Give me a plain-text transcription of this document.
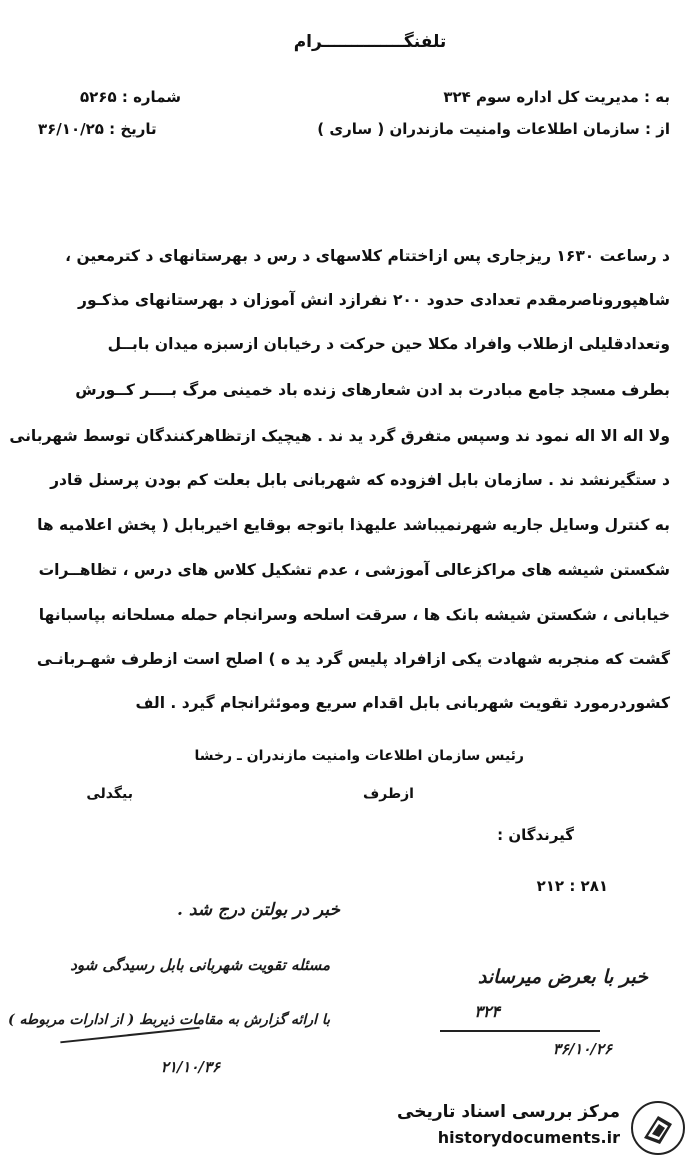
تلفنگــــــــــــــرام
به : مدیریت کل اداره سوم ۳۲۴
از : سازمان اطلاعات وامنیت مازندران ( ساری )
شماره : ۵۲۶۵
تاریخ : ۳۶/۱۰/۲۵
د رساعت ۱۶۳۰ ریزجاری پس ازاختتام کلاسهای د رس د بهرستانهای د کترمعین ،
شاهپوروناصرمقدم تعدادی حدود ۲۰۰ نفرازد انش آموزان د بهرستانهای مذکـور
وتعدادقلیلی ازطلاب وافراد مکلا حین حرکت د رخیابان ازسبزه میدان بابــل
بطرف مسجد جامع مبادرت بد ادن شعارهای زنده باد خمینی مرگ بــــر کــورش
ولا اله الا اله نمود ند وسپس متفرق گرد ید ند . هیچیک ازتظاهرکنندگان توسط شهربانی
د ستگیرنشد ند . سازمان بابل افزوده که شهربانی بابل بعلت کم بودن پرسنل قادر
به کنترل وسایل جاریه شهرنمیباشد علیهذا باتوجه بوقایع اخیربابل ( پخش اعلامیه ها
شکستن شیشه های مراکزعالی آموزشی ، عدم تشکیل کلاس های درس ، تظاهــرات
خیابانی ، شکستن شیشه بانک ها ، سرقت اسلحه وسرانجام حمله مسلحانه بپاسبانها
گشت که منجربه شهادت یکی ازافراد پلیس گرد ید ه ) اصلح است ازطرف شهـربانـی
کشوردرمورد تقویت شهربانی بابل اقدام سریع وموئثرانجام گیرد . الف
رئیس سازمان اطلاعات وامنیت مازندران ـ رخشا
ازطرف
بیگدلی
گیرندگان :
۲۱۲ : ۲۸۱
خبر در بولتن درج شد .
مسئله تقویت شهربانی بابل رسیدگی شود
با ارائه گزارش به مقامات ذیربط ( از ادارات مربوطه )
۲۱/۱۰/۳۶
خبر با بعرض میرساند
۳۲۴
۳۶/۱۰/۲۶
مرکز بررسی اسناد تاریخی
historydocuments.ir
